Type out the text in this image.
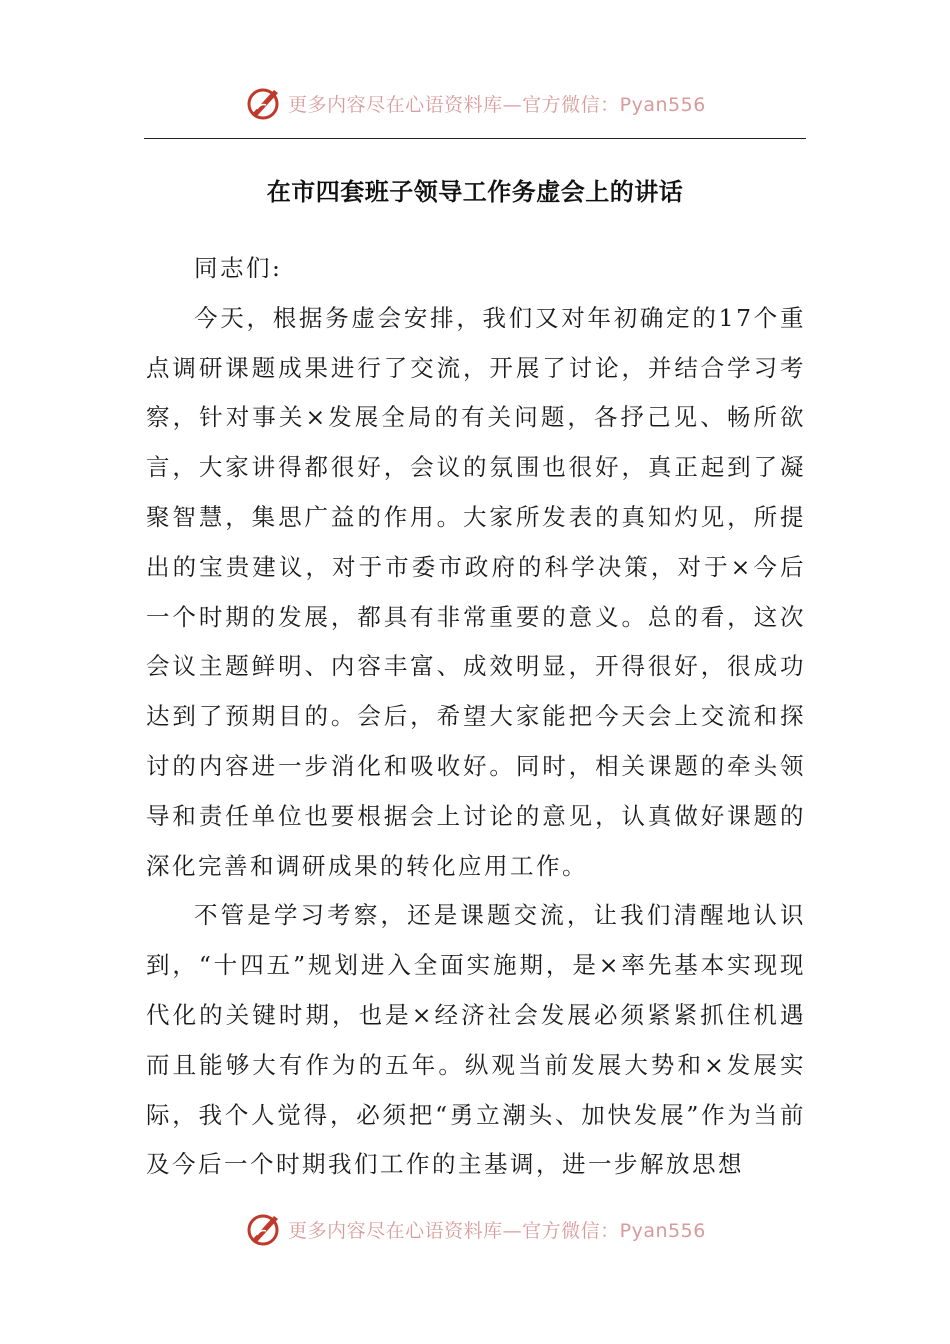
更多内容尽在心语资料库—官方微信：Pyan556
在市四套班子领导工作务虚会上的讲话

同志们:

今天，根据务虚会安排，我们又对年初确定的17个重点调研课题成果进行了交流，开展了讨论，并结合学习考察，针对事关×发展全局的有关问题，各抒己见、畅所欲言，大家讲得都很好，会议的氛围也很好，真正起到了凝聚智慧，集思广益的作用。大家所发表的真知灼见，所提出的宝贵建议，对于市委市政府的科学决策，对于×今后一个时期的发展，都具有非常重要的意义。总的看，这次会议主题鲜明、内容丰富、成效明显，开得很好，很成功达到了预期目的。会后，希望大家能把今天会上交流和探讨的内容进一步消化和吸收好。同时，相关课题的牵头领导和责任单位也要根据会上讨论的意见，认真做好课题的深化完善和调研成果的转化应用工作。

不管是学习考察，还是课题交流，让我们清醒地认识到，“十四五”规划进入全面实施期，是×率先基本实现现代化的关键时期，也是×经济社会发展必须紧紧抓住机遇而且能够大有作为的五年。纵观当前发展大势和×发展实际，我个人觉得，必须把“勇立潮头、加快发展”作为当前及今后一个时期我们工作的主基调，进一步解放思想

更多内容尽在心语资料库—官方微信：Pyan556
